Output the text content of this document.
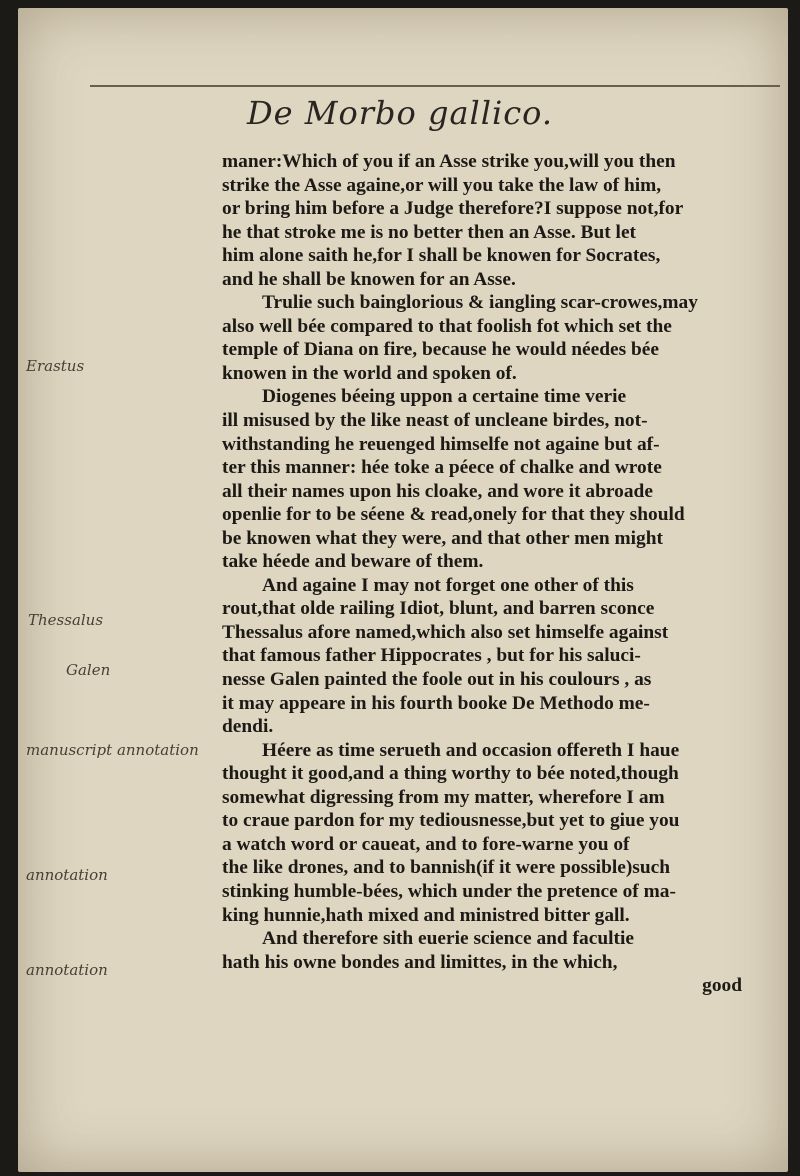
De Morbo gallico.
maner:Which of you if an Asse strike you,will you then
strike the Asse againe,or will you take the law of him,
or bring him before a Judge therefore?I suppose not,for
he that stroke me is no better then an Asse. But let
him alone saith he,for I shall be knowen for Socrates,
and he shall be knowen for an Asse.
Trulie such bainglorious & iangling scar-crowes,may
also well bée compared to that foolish fot which set the
temple of Diana on fire, because he would néedes bée
knowen in the world and spoken of.
Diogenes béeing uppon a certaine time verie
ill misused by the like neast of uncleane birdes, not-
withstanding he reuenged himselfe not againe but af-
ter this manner: hée toke a péece of chalke and wrote
all their names upon his cloake, and wore it abroade
openlie for to be séene & read,onely for that they should
be knowen what they were, and that other men might
take héede and beware of them.
And againe I may not forget one other of this
rout,that olde railing Idiot, blunt, and barren sconce
Thessalus afore named,which also set himselfe against
that famous father Hippocrates , but for his saluci-
nesse Galen painted the foole out in his coulours , as
it may appeare in his fourth booke De Methodo me-
dendi.
Héere as time serueth and occasion offereth I haue
thought it good,and a thing worthy to bée noted,though
somewhat digressing from my matter, wherefore I am
to craue pardon for my tediousnesse,but yet to giue you
a watch word or caueat, and to fore-warne you of
the like drones, and to bannish(if it were possible)such
stinking humble-bées, which under the pretence of ma-
king hunnie,hath mixed and ministred bitter gall.
And therefore sith euerie science and facultie
hath his owne bondes and limittes, in the which,
good
Erastus
Thessalus
Galen
manuscript annotation
annotation
annotation
